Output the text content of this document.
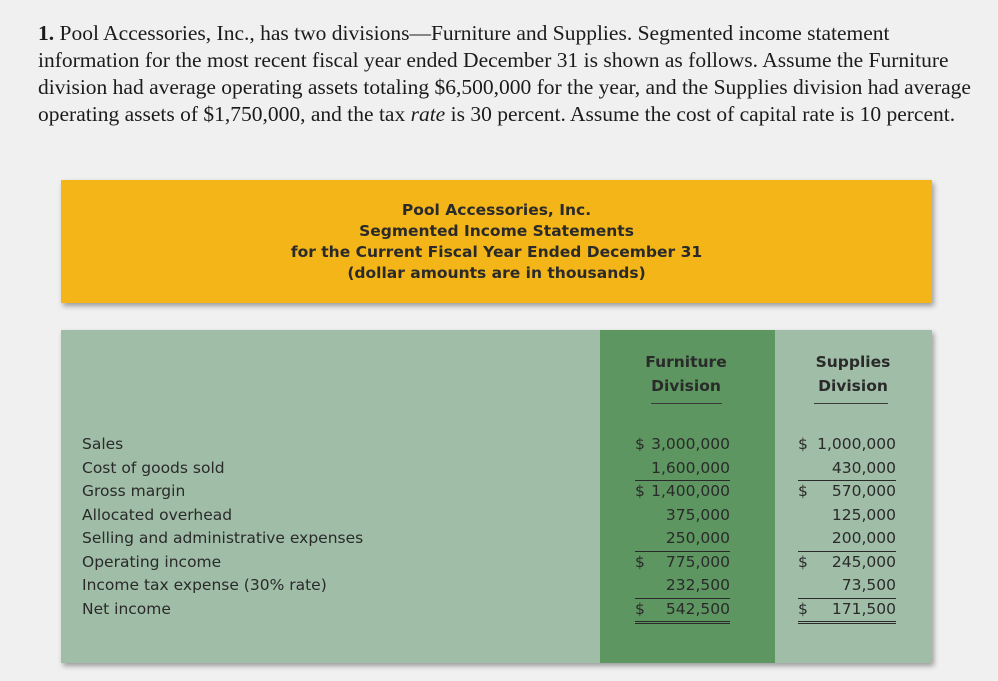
1. Pool Accessories, Inc., has two divisions—Furniture and Supplies. Segmented income statement information for the most recent fiscal year ended December 31 is shown as follows. Assume the Furniture division had average operating assets totaling $6,500,000 for the year, and the Supplies division had average operating assets of $1,750,000, and the tax rate is 30 percent. Assume the cost of capital rate is 10 percent.

Pool Accessories, Inc.
Segmented Income Statements
for the Current Fiscal Year Ended December 31
(dollar amounts are in thousands)
Furniture Division
Supplies Division
Sales
Cost of goods sold
Gross margin
Allocated overhead
Selling and administrative expenses
Operating income
Income tax expense (30% rate)
Net income
$ 3,000,000
1,600,000
$ 1,400,000
375,000
250,000
$ 775,000
232,500
$ 542,500
$ 1,000,000
430,000
$ 570,000
125,000
200,000
$ 245,000
73,500
$ 171,500
